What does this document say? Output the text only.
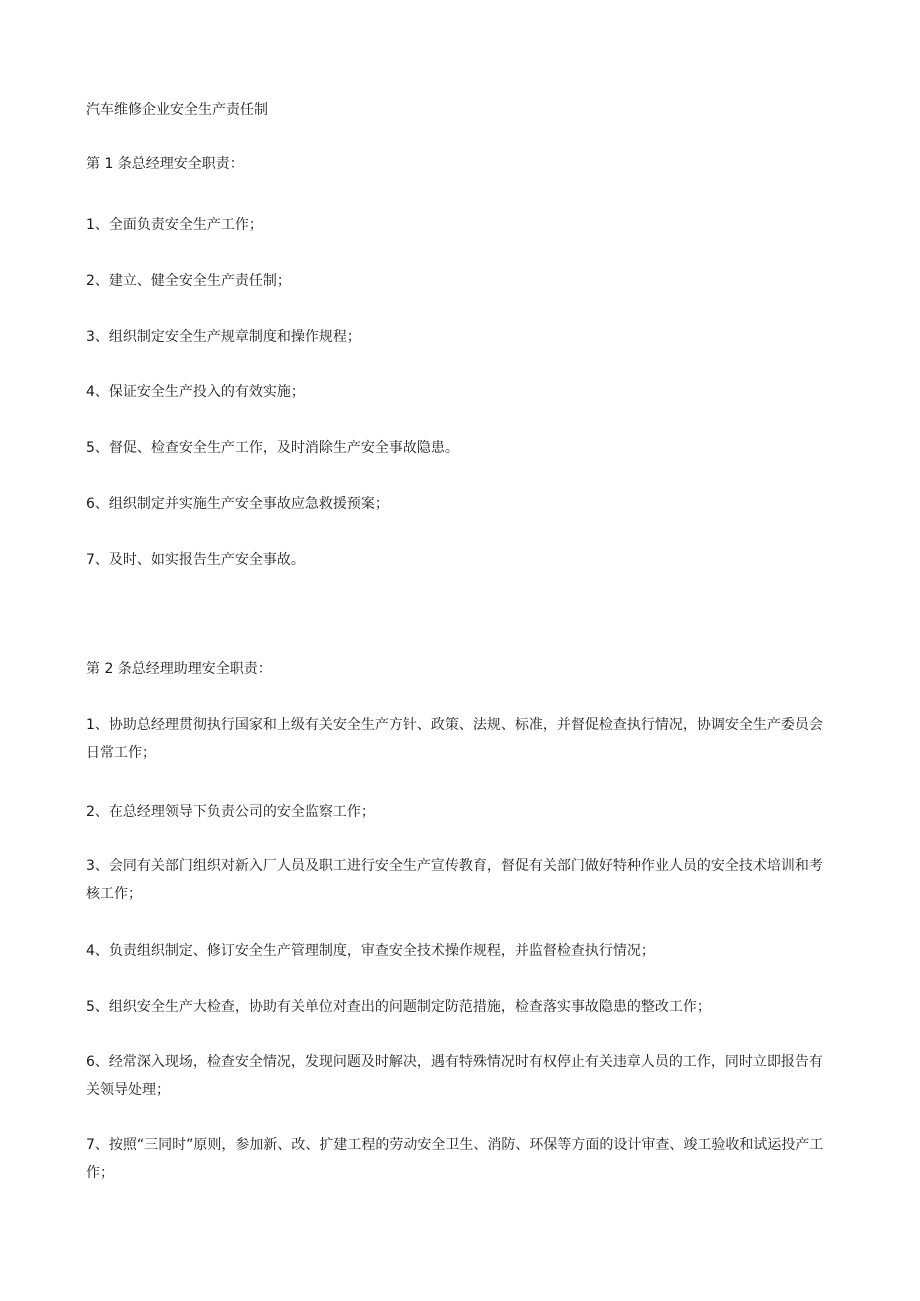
汽车维修企业安全生产责任制
第 1 条总经理安全职责：
1、全面负责安全生产工作；
2、建立、健全安全生产责任制；
3、组织制定安全生产规章制度和操作规程；
4、保证安全生产投入的有效实施；
5、督促、检查安全生产工作，及时消除生产安全事故隐患。
6、组织制定并实施生产安全事故应急救援预案；
7、及时、如实报告生产安全事故。
第 2 条总经理助理安全职责：
1、协助总经理贯彻执行国家和上级有关安全生产方针、政策、法规、标准，并督促检查执行情况，协调安全生产委员会日常工作；
2、在总经理领导下负责公司的安全监察工作；
3、会同有关部门组织对新入厂人员及职工进行安全生产宣传教育，督促有关部门做好特种作业人员的安全技术培训和考核工作；
4、负责组织制定、修订安全生产管理制度，审查安全技术操作规程，并监督检查执行情况；
5、组织安全生产大检查，协助有关单位对查出的问题制定防范措施，检查落实事故隐患的整改工作；
6、经常深入现场，检查安全情况，发现问题及时解决，遇有特殊情况时有权停止有关违章人员的工作，同时立即报告有关领导处理；
7、按照“三同时”原则，参加新、改、扩建工程的劳动安全卫生、消防、环保等方面的设计审查、竣工验收和试运投产工作；
